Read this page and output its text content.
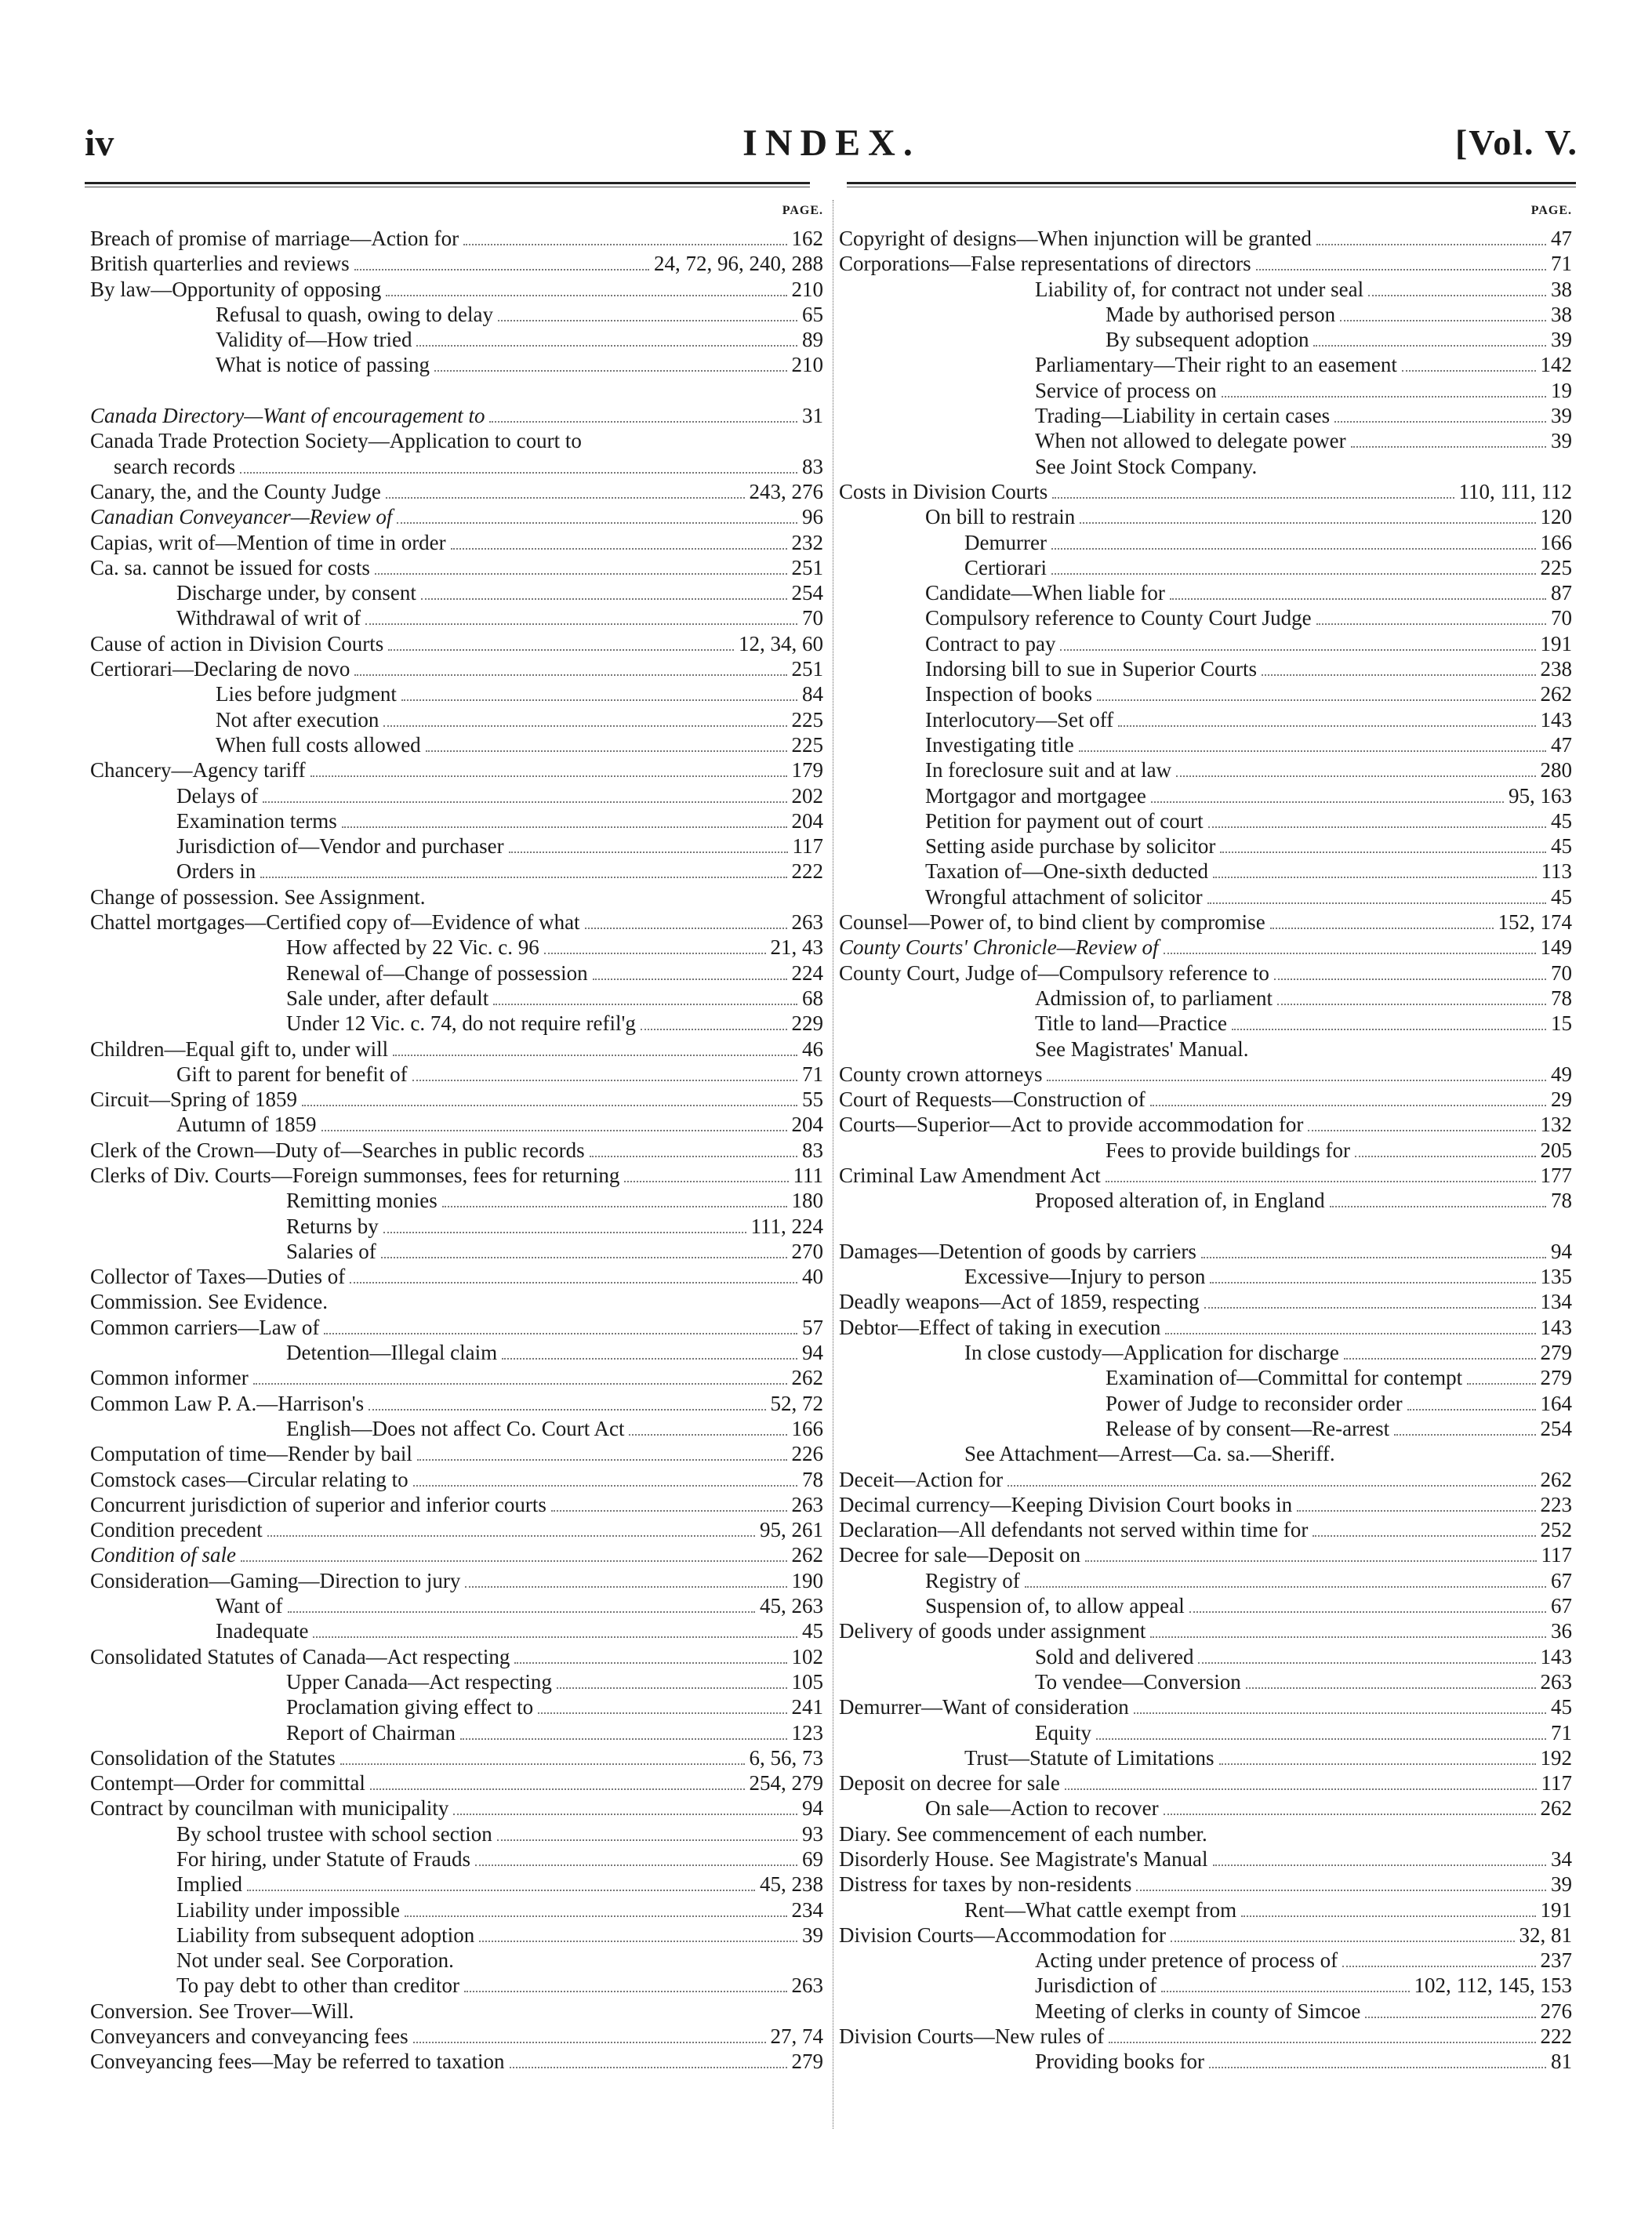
iv	INDEX.	[Vol. V.
PAGE.
Breach of promise of marriage—Action for	162
British quarterlies and reviews	24, 72, 96, 240, 288
By law—Opportunity of opposing	210
Refusal to quash, owing to delay	65
Validity of—How tried	89
What is notice of passing	210
Canada Directory—Want of encouragement to	31
Canada Trade Protection Society—Application to court to
search records	83
Canary, the, and the County Judge	243, 276
Canadian Conveyancer—Review of	96
Capias, writ of—Mention of time in order	232
Ca. sa. cannot be issued for costs	251
Discharge under, by consent	254
Withdrawal of writ of	70
Cause of action in Division Courts	12, 34, 60
Certiorari—Declaring de novo	251
Lies before judgment	84
Not after execution	225
When full costs allowed	225
Chancery—Agency tariff	179
Delays of	202
Examination terms	204
Jurisdiction of—Vendor and purchaser	117
Orders in	222
Change of possession. See Assignment.
Chattel mortgages—Certified copy of—Evidence of what	263
How affected by 22 Vic. c. 96	21, 43
Renewal of—Change of possession	224
Sale under, after default	68
Under 12 Vic. c. 74, do not require refil'g	229
Children—Equal gift to, under will	46
Gift to parent for benefit of	71
Circuit—Spring of 1859	55
Autumn of 1859	204
Clerk of the Crown—Duty of—Searches in public records	83
Clerks of Div. Courts—Foreign summonses, fees for returning	111
Remitting monies	180
Returns by	111, 224
Salaries of	270
Collector of Taxes—Duties of	40
Commission. See Evidence.
Common carriers—Law of	57
Detention—Illegal claim	94
Common informer	262
Common Law P. A.—Harrison's	52, 72
English—Does not affect Co. Court Act	166
Computation of time—Render by bail	226
Comstock cases—Circular relating to	78
Concurrent jurisdiction of superior and inferior courts	263
Condition precedent	95, 261
Condition of sale	262
Consideration—Gaming—Direction to jury	190
Want of	45, 263
Inadequate	45
Consolidated Statutes of Canada—Act respecting	102
Upper Canada—Act respecting	105
Proclamation giving effect to	241
Report of Chairman	123
Consolidation of the Statutes	6, 56, 73
Contempt—Order for committal	254, 279
Contract by councilman with municipality	94
By school trustee with school section	93
For hiring, under Statute of Frauds	69
Implied	45, 238
Liability under impossible	234
Liability from subsequent adoption	39
Not under seal. See Corporation.
To pay debt to other than creditor	263
Conversion. See Trover—Will.
Conveyancers and conveyancing fees	27, 74
Conveyancing fees—May be referred to taxation	279
PAGE.
Copyright of designs—When injunction will be granted	47
Corporations—False representations of directors	71
Liability of, for contract not under seal	38
Made by authorised person	38
By subsequent adoption	39
Parliamentary—Their right to an easement	142
Service of process on	19
Trading—Liability in certain cases	39
When not allowed to delegate power	39
See Joint Stock Company.
Costs in Division Courts	110, 111, 112
On bill to restrain	120
Demurrer	166
Certiorari	225
Candidate—When liable for	87
Compulsory reference to County Court Judge	70
Contract to pay	191
Indorsing bill to sue in Superior Courts	238
Inspection of books	262
Interlocutory—Set off	143
Investigating title	47
In foreclosure suit and at law	280
Mortgagor and mortgagee	95, 163
Petition for payment out of court	45
Setting aside purchase by solicitor	45
Taxation of—One-sixth deducted	113
Wrongful attachment of solicitor	45
Counsel—Power of, to bind client by compromise	152, 174
County Courts' Chronicle—Review of	149
County Court, Judge of—Compulsory reference to	70
Admission of, to parliament	78
Title to land—Practice	15
See Magistrates' Manual.
County crown attorneys	49
Court of Requests—Construction of	29
Courts—Superior—Act to provide accommodation for	132
Fees to provide buildings for	205
Criminal Law Amendment Act	177
Proposed alteration of, in England	78
Damages—Detention of goods by carriers	94
Excessive—Injury to person	135
Deadly weapons—Act of 1859, respecting	134
Debtor—Effect of taking in execution	143
In close custody—Application for discharge	279
Examination of—Committal for contempt	279
Power of Judge to reconsider order	164
Release of by consent—Re-arrest	254
See Attachment—Arrest—Ca. sa.—Sheriff.
Deceit—Action for	262
Decimal currency—Keeping Division Court books in	223
Declaration—All defendants not served within time for	252
Decree for sale—Deposit on	117
Registry of	67
Suspension of, to allow appeal	67
Delivery of goods under assignment	36
Sold and delivered	143
To vendee—Conversion	263
Demurrer—Want of consideration	45
Equity	71
Trust—Statute of Limitations	192
Deposit on decree for sale	117
On sale—Action to recover	262
Diary. See commencement of each number.
Disorderly House. See Magistrate's Manual	34
Distress for taxes by non-residents	39
Rent—What cattle exempt from	191
Division Courts—Accommodation for	32, 81
Acting under pretence of process of	237
Jurisdiction of	102, 112, 145, 153
Meeting of clerks in county of Simcoe	276
Division Courts—New rules of	222
Providing books for	81
